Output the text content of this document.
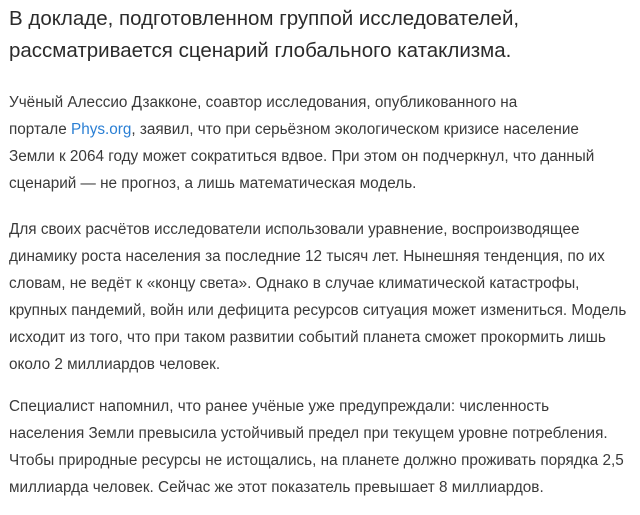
В докладе, подготовленном группой исследователей,
рассматривается сценарий глобального катаклизма.

Учёный Алессио Дзакконе, соавтор исследования, опубликованного на
портале Phys.org, заявил, что при серьёзном экологическом кризисе население
Земли к 2064 году может сократиться вдвое. При этом он подчеркнул, что данный
сценарий — не прогноз, а лишь математическая модель.

Для своих расчётов исследователи использовали уравнение, воспроизводящее
динамику роста населения за последние 12 тысяч лет. Нынешняя тенденция, по их
словам, не ведёт к «концу света». Однако в случае климатической катастрофы,
крупных пандемий, войн или дефицита ресурсов ситуация может измениться. Модель
исходит из того, что при таком развитии событий планета сможет прокормить лишь
около 2 миллиардов человек.

Специалист напомнил, что ранее учёные уже предупреждали: численность
населения Земли превысила устойчивый предел при текущем уровне потребления.
Чтобы природные ресурсы не истощались, на планете должно проживать порядка 2,5
миллиарда человек. Сейчас же этот показатель превышает 8 миллиардов.
